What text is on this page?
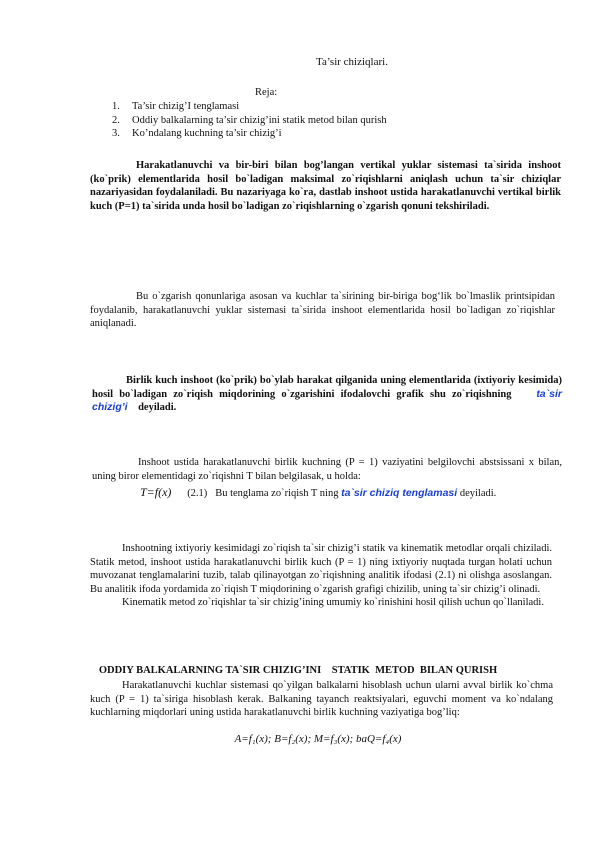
Ta’sir chiziqlari.
Reja:
1. Ta’sir chizig’I tenglamasi
2. Oddiy balkalarning ta’sir chizig’ini statik metod bilan qurish
3. Ko’ndalang kuchning ta’sir chizig’i
Harakatlanuvchi va bir-biri bilan bog’langan vertikal yuklar sistemasi ta`sirida inshoot (ko`prik) elementlarida hosil bo`ladigan maksimal zo`riqishlarni aniqlash uchun ta`sir chiziqlar nazariyasidan foydalaniladi. Bu nazariyaga ko`ra, dastlab inshoot ustida harakatlanuvchi vertikal birlik kuch (P=1) ta`sirida unda hosil bo`ladigan zo`riqishlarning o`zgarish qonuni tekshiriladi.
Bu o`zgarish qonunlariga asosan va kuchlar ta`sirining bir-biriga bog‘lik bo`lmaslik printsipidan foydalanib, harakatlanuvchi yuklar sistemasi ta`sirida inshoot elementlarida hosil bo`ladigan zo`riqishlar aniqlanadi.
Birlik kuch inshoot (ko`prik) bo`ylab harakat qilganida uning elementlarida (ixtiyoriy kesimida) hosil bo`ladigan zo`riqish miqdorining o`zgarishini ifodalovchi grafik shu zo`riqishning ta`sir chizig’i deyiladi.
Inshoot ustida harakatlanuvchi birlik kuchning (P = 1) vaziyatini belgilovchi abstsissani x bilan, uning biror elementidagi zo`riqishni T bilan belgilasak, u holda:
T=f(x) (2.1) Bu tenglama zo`riqish T ning ta`sir chiziq tenglamasi deyiladi.
Inshootning ixtiyoriy kesimidagi zo`riqish ta`sir chizig’i statik va kinematik metodlar orqali chiziladi. Statik metod, inshoot ustida harakatlanuvchi birlik kuch (P = 1) ning ixtiyoriy nuqtada turgan holati uchun muvozanat tenglamalarini tuzib, talab qilinayotgan zo`riqishning analitik ifodasi (2.1) ni olishga asoslangan. Bu analitik ifoda yordamida zo`riqish T miqdorining o`zgarish grafigi chizilib, uning ta`sir chizig’i olinadi.
Kinematik metod zo`riqishlar ta`sir chizig’ining umumiy ko`rinishini hosil qilish uchun qo`llaniladi.
ODDIY BALKALARNING TA`SIR CHIZIG’INI    STATIK  METOD  BILAN QURISH
Harakatlanuvchi kuchlar sistemasi qo`yilgan balkalarni hisoblash uchun ularni avval birlik ko`chma kuch (P = 1) ta`siriga hisoblash kerak. Balkaning tayanch reaktsiyalari, eguvchi moment va ko`ndalang kuchlarning miqdorlari uning ustida harakatlanuvchi birlik kuchning vaziyatiga bog’liq:
A=f₁(x); B=f₂(x); M=f₃(x); baQ=f₄(x)
